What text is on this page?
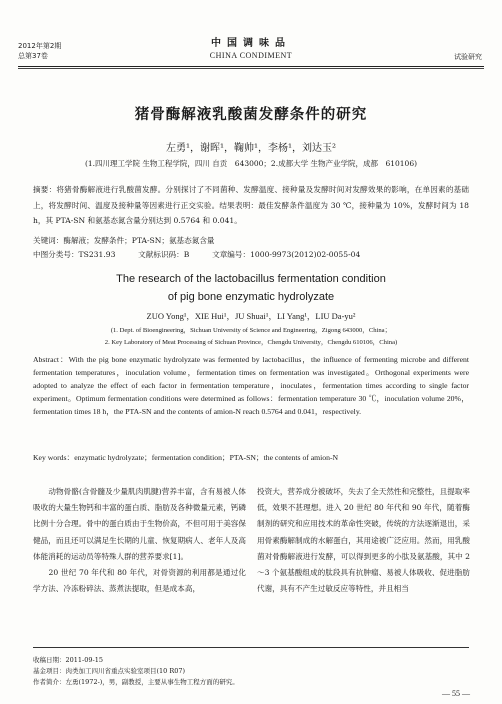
2012年第2期
总第37卷
中国调味品
CHINA CONDIMENT	试验研究
猪骨酶解液乳酸菌发酵条件的研究
左勇¹，谢晖¹，鞠帅¹，李杨¹，刘达玉²
(1.四川理工学院 生物工程学院，四川 自贡　643000；2.成都大学 生物产业学院，成都　610106)
摘要：将猪骨酶解液进行乳酸菌发酵。分别探讨了不同菌种、发酵温度、接种量及发酵时间对发酵效果的影响，在单因素的基础上，将发酵时间、温度及接种量等因素进行正交实验。结果表明：最佳发酵条件温度为 30 ℃，接种量为 10%，发酵时间为 18 h，其 PTA-SN 和氨基态氮含量分别达到 0.5764 和 0.041。
关键词：酶解液；发酵条件；PTA-SN；氨基态氮含量
中图分类号：TS231.93　　　文献标识码：B　　　文章编号：1000-9973(2012)02-0055-04
The research of the lactobacillus fermentation condition
of pig bone enzymatic hydrolyzate
ZUO Yong¹，XIE Hui¹，JU Shuai¹，LI Yang¹，LIU Da-yu²
(1. Dept. of Bioengineering，Sichuan University of Science and Engineering，Zigong 643000，China；
2. Key Laboratory of Meat Processing of Sichuan Province，Chengdu University，Chengdu 610106，China)
Abstract：With the pig bone enzymatic hydrolyzate was fermented by lactobacillus，the influence of fermenting microbe and different fermentation temperatures，inoculation volume，fermentation times on fermentation was investigated。Orthogonal experiments were adopted to analyze the effect of each factor in fermentation temperature，inoculates，fermentation times according to single factor experiment。Optimum fermentation conditions were determined as follows：fermentation temperature 30 ℃，inoculation volume 20%，fermentation times 18 h，the PTA-SN and the contents of amion-N reach 0.5764 and 0.041，respectively.
Key words：enzymatic hydrolyzate；fermentation condition；PTA-SN；the contents of amion-N
　　动物骨骼(含骨髓及少量肌肉肌腱)营养丰富，含有易被人体吸收的大量生物钙和丰富的蛋白质、脂肪及各种微量元素，钙磷比例十分合理。骨中的蛋白质由于生物价高，不但可用于美容保健品，而且还可以满足生长期的儿童、恢复期病人、老年人及高体能消耗的运动员等特殊人群的营养要求[1]。
　　20 世纪 70 年代和 80 年代，对骨资源的利用都是通过化学方法、冷冻粉碎法、蒸煮法提取，但是成本高，
投资大，营养成分被破坏，失去了全天然性和完整性，且提取率低，效果不甚理想。进入 20 世纪 80 年代和 90 年代，随着酶制剂的研究和应用技术的革命性突破，传统的方法逐渐退出，采用骨素酶解制成的水解蛋白，其用途被广泛应用。然而，用乳酸菌对骨酶解液进行发酵，可以得到更多的小肽及氨基酸，其中 2～3 个氨基酸组成的肽段具有抗肿瘤、易被人体吸收、促进脂肪代谢，具有不产生过敏反应等特性，并且相当
收稿日期：2011-09-15
基金项目：肉类加工四川省重点实验室项目(10 R07)
作者简介：左勇(1972-)，男，副教授，主要从事生物工程方面的研究。
— 55 —
